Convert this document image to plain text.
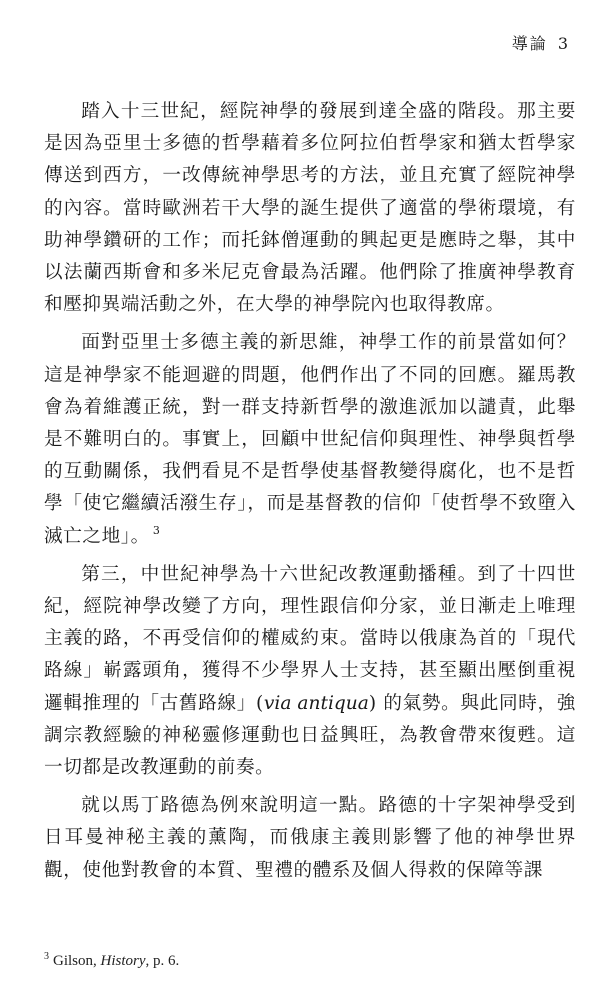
導論 3

踏入十三世紀，經院神學的發展到達全盛的階段。那主要是因為亞里士多德的哲學藉着多位阿拉伯哲學家和猶太哲學家傳送到西方，一改傳統神學思考的方法，並且充實了經院神學的內容。當時歐洲若干大學的誕生提供了適當的學術環境，有助神學鑽研的工作；而托鉢僧運動的興起更是應時之舉，其中以法蘭西斯會和多米尼克會最為活躍。他們除了推廣神學教育和壓抑異端活動之外，在大學的神學院內也取得教席。

面對亞里士多德主義的新思維，神學工作的前景當如何？這是神學家不能迴避的問題，他們作出了不同的回應。羅馬教會為着維護正統，對一群支持新哲學的激進派加以譴責，此舉是不難明白的。事實上，回顧中世紀信仰與理性、神學與哲學的互動關係，我們看見不是哲學使基督教變得腐化，也不是哲學「使它繼續活潑生存」，而是基督教的信仰「使哲學不致墮入滅亡之地」。 $^3$

第三，中世紀神學為十六世紀改教運動播種。到了十四世紀，經院神學改變了方向，理性跟信仰分家，並日漸走上唯理主義的路，不再受信仰的權威約束。當時以俄康為首的「現代路線」嶄露頭角，獲得不少學界人士支持，甚至顯出壓倒重視邏輯推理的「古舊路線」(via antiqua) 的氣勢。與此同時，強調宗教經驗的神秘靈修運動也日益興旺，為教會帶來復甦。這一切都是改教運動的前奏。

就以馬丁路德為例來說明這一點。路德的十字架神學受到日耳曼神秘主義的薰陶，而俄康主義則影響了他的神學世界觀，使他對教會的本質、聖禮的體系及個人得救的保障等課

$^3$ Gilson, History, p. 6.
